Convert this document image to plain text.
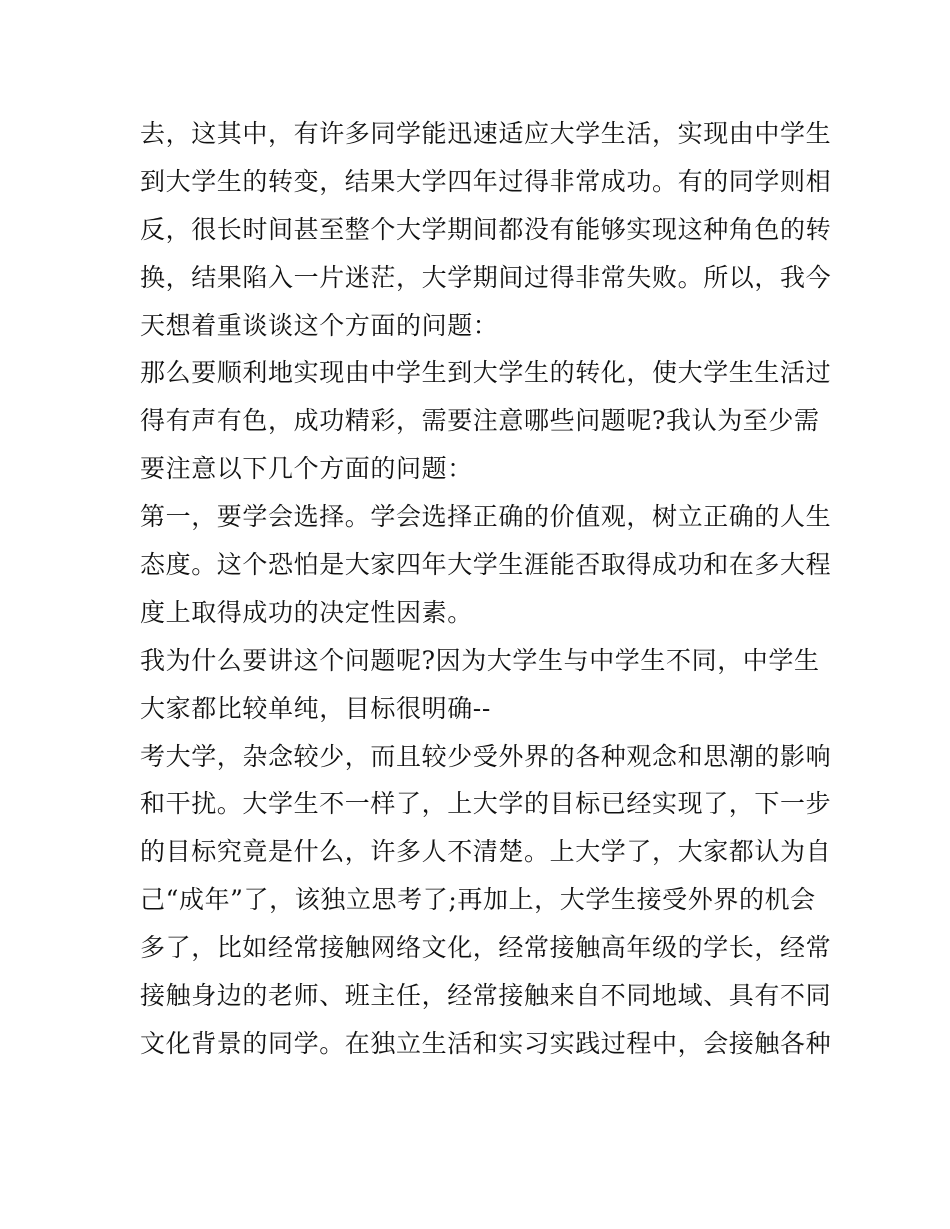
去，这其中，有许多同学能迅速适应大学生活，实现由中学生
到大学生的转变，结果大学四年过得非常成功。有的同学则相
反，很长时间甚至整个大学期间都没有能够实现这种角色的转
换，结果陷入一片迷茫，大学期间过得非常失败。所以，我今
天想着重谈谈这个方面的问题：
那么要顺利地实现由中学生到大学生的转化，使大学生生活过
得有声有色，成功精彩，需要注意哪些问题呢?我认为至少需
要注意以下几个方面的问题：
第一，要学会选择。学会选择正确的价值观，树立正确的人生
态度。这个恐怕是大家四年大学生涯能否取得成功和在多大程
度上取得成功的决定性因素。
我为什么要讲这个问题呢?因为大学生与中学生不同，中学生
大家都比较单纯，目标很明确--
考大学，杂念较少，而且较少受外界的各种观念和思潮的影响
和干扰。大学生不一样了，上大学的目标已经实现了，下一步
的目标究竟是什么，许多人不清楚。上大学了，大家都认为自
己“成年”了，该独立思考了;再加上，大学生接受外界的机会
多了，比如经常接触网络文化，经常接触高年级的学长，经常
接触身边的老师、班主任，经常接触来自不同地域、具有不同
文化背景的同学。在独立生活和实习实践过程中，会接触各种
